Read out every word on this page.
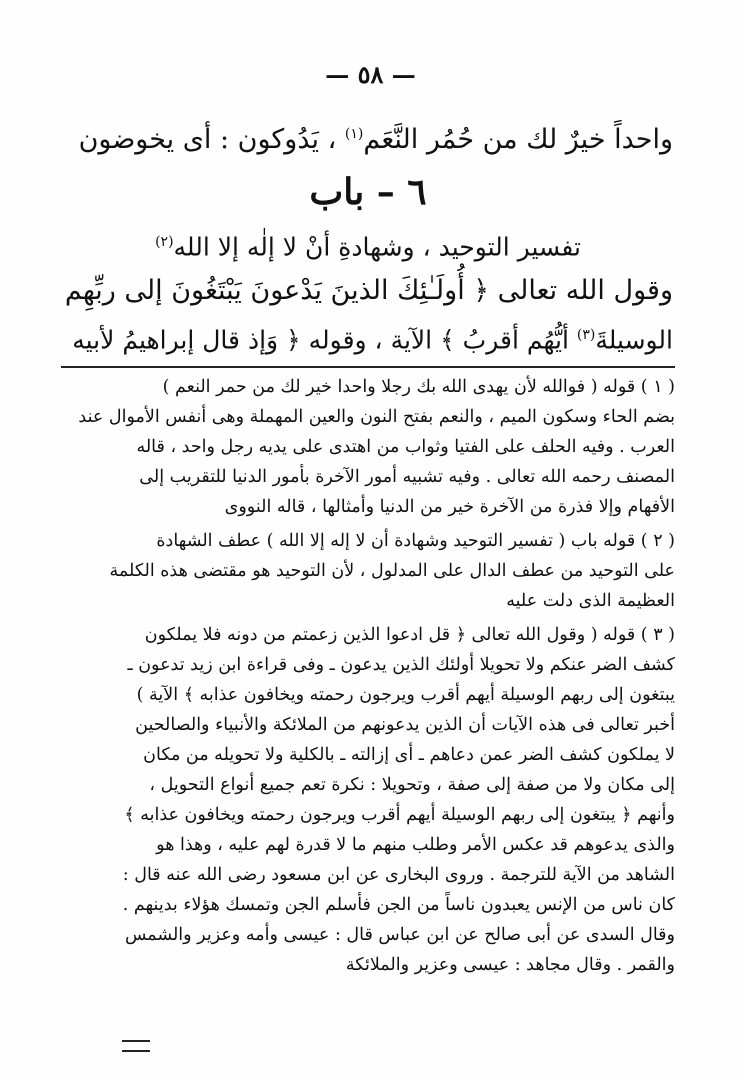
— ٥٨ —
واحداً خيرٌ لك من حُمُر النَّعَم$^{(١)}$ ، يَدُوكون : أى يخوضون
٦ – باب
تفسير التوحيد ، وشهادةِ أنْ لا إلٰه إلا الله$^{(٢)}$
وقول الله تعالى ﴿ أُولَـٰئِكَ الذينَ يَدْعونَ يَبْتَغُونَ إلى ربِّهِم
الوسيلةَ$^{(٣)}$ أيُّهُم أقربُ ﴾ الآية ، وقوله ﴿ وَإذ قال إبراهيمُ لأبيه
( ١ ) قوله ( فوالله لأن يهدى الله بك رجلا واحدا خير لك من حمر النعم )
بضم الحاء وسكون الميم ، والنعم بفتح النون والعين المهملة وهى أنفس الأموال عند
العرب . وفيه الحلف على الفتيا وثواب من اهتدى على يديه رجل واحد ، قاله
المصنف رحمه الله تعالى . وفيه تشبيه أمور الآخرة بأمور الدنيا للتقريب إلى
الأفهام وإلا فذرة من الآخرة خير من الدنيا وأمثالها ، قاله النووى
( ٢ ) قوله باب ( تفسير التوحيد وشهادة أن لا إله إلا الله ) عطف الشهادة
على التوحيد من عطف الدال على المدلول ، لأن التوحيد هو مقتضى هذه الكلمة
العظيمة الذى دلت عليه
( ٣ ) قوله ( وقول الله تعالى ﴿ قل ادعوا الذين زعمتم من دونه فلا يملكون
كشف الضر عنكم ولا تحويلا أولئك الذين يدعون ـ وفى قراءة ابن زيد تدعون ـ
يبتغون إلى ربهم الوسيلة أيهم أقرب ويرجون رحمته ويخافون عذابه ﴾ الآية )
أخبر تعالى فى هذه الآيات أن الذين يدعونهم من الملائكة والأنبياء والصالحين
لا يملكون كشف الضر عمن دعاهم ـ أى إزالته ـ بالكلية ولا تحويله من مكان
إلى مكان ولا من صفة إلى صفة ، وتحويلا : نكرة تعم جميع أنواع التحويل ،
وأنهم ﴿ يبتغون إلى ربهم الوسيلة أيهم أقرب ويرجون رحمته ويخافون عذابه ﴾
والذى يدعوهم قد عكس الأمر وطلب منهم ما لا قدرة لهم عليه ، وهذا هو
الشاهد من الآية للترجمة . وروى البخارى عن ابن مسعود رضى الله عنه قال :
كان ناس من الإنس يعبدون ناساً من الجن فأسلم الجن وتمسك هؤلاء بدينهم .
وقال السدى عن أبى صالح عن ابن عباس قال : عيسى وأمه وعزير والشمس
والقمر . وقال مجاهد : عيسى وعزير والملائكة
